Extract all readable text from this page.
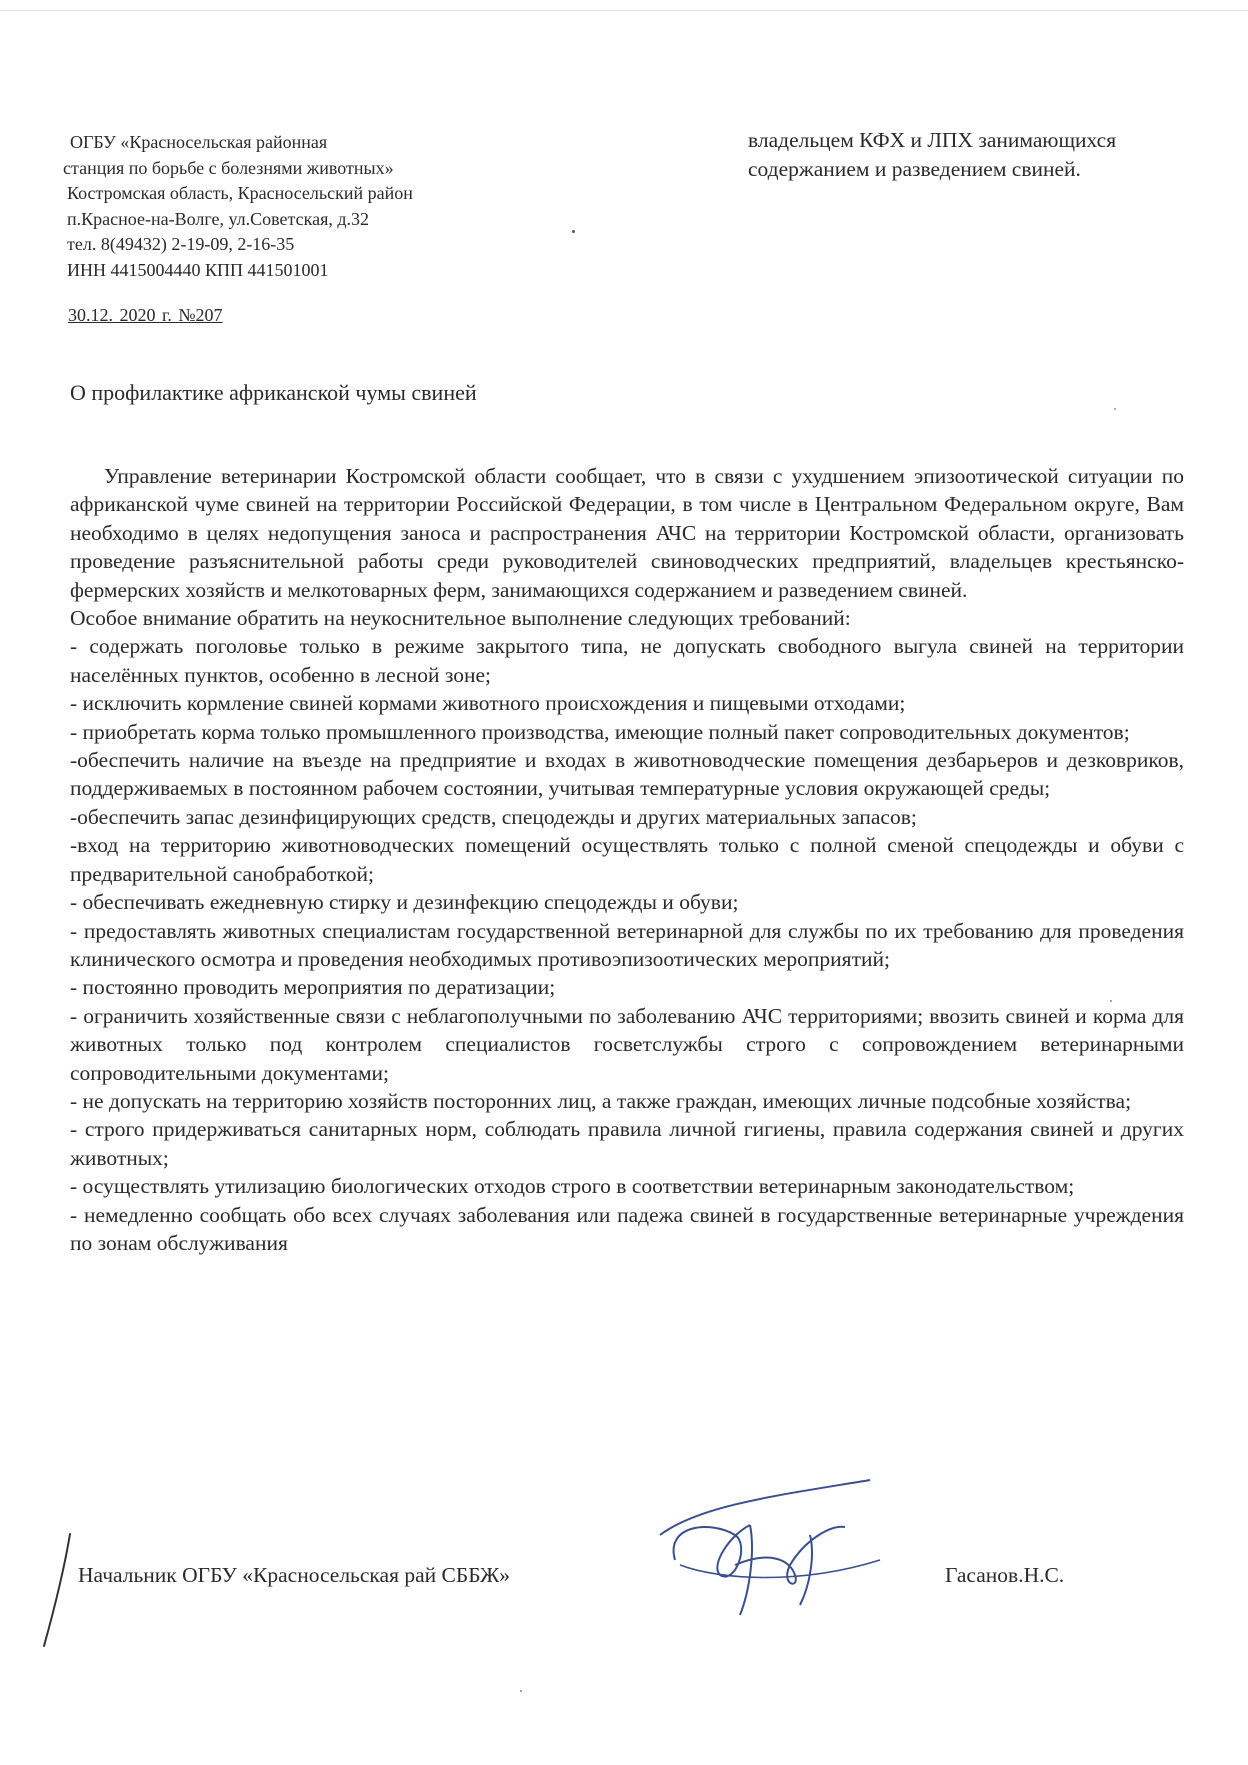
ОГБУ «Красносельская районная
станция по борьбе с болезнями животных»
Костромская область, Красносельский район
п.Красное-на-Волге, ул.Советская, д.32
тел. 8(49432) 2-19-09, 2-16-35
ИНН 4415004440 КПП 441501001
30.12. 2020 г. №207
владельцем КФХ и ЛПХ занимающихся
содержанием и разведением свиней.
О профилактике африканской чумы свиней

Управление ветеринарии Костромской области сообщает, что в связи с ухудшением эпизоотической ситуации по африканской чуме свиней на территории Российской Федерации, в том числе в Центральном Федеральном округе, Вам необходимо в целях недопущения заноса и распространения АЧС на территории Костромской области, организовать проведение разъяснительной работы среди руководителей свиноводческих предприятий, владельцев крестьянско-фермерских хозяйств и мелкотоварных ферм, занимающихся содержанием и разведением свиней.

Особое внимание обратить на неукоснительное выполнение следующих требований:

- содержать поголовье только в режиме закрытого типа, не допускать свободного выгула свиней на территории населённых пунктов, особенно в лесной зоне;

- исключить кормление свиней кормами животного происхождения и пищевыми отходами;

- приобретать корма только промышленного производства, имеющие полный пакет сопроводительных документов;

-обеспечить наличие на въезде на предприятие и входах в животноводческие помещения дезбарьеров и дезковриков, поддерживаемых в постоянном рабочем состоянии, учитывая температурные условия окружающей среды;

-обеспечить запас дезинфицирующих средств, спецодежды и других материальных запасов;

-вход на территорию животноводческих помещений осуществлять только с полной сменой спецодежды и обуви с предварительной санобработкой;

- обеспечивать ежедневную стирку и дезинфекцию спецодежды и обуви;

- предоставлять животных специалистам государственной ветеринарной для службы по их требованию для проведения клинического осмотра и проведения необходимых противоэпизоотических мероприятий;

- постоянно проводить мероприятия по дератизации;

- ограничить хозяйственные связи с неблагополучными по заболеванию АЧС территориями; ввозить свиней и корма для животных только под контролем специалистов госветслужбы строго с сопровождением ветеринарными сопроводительными документами;

- не допускать на территорию хозяйств посторонних лиц, а также граждан, имеющих личные подсобные хозяйства;

- строго придерживаться санитарных норм, соблюдать правила личной гигиены, правила содержания свиней и других животных;

- осуществлять утилизацию биологических отходов строго в соответствии ветеринарным законодательством;

- немедленно сообщать обо всех случаях заболевания или падежа свиней в государственные ветеринарные учреждения по зонам обслуживания

Начальник ОГБУ «Красносельская рай СББЖ»	Гасанов.Н.С.
